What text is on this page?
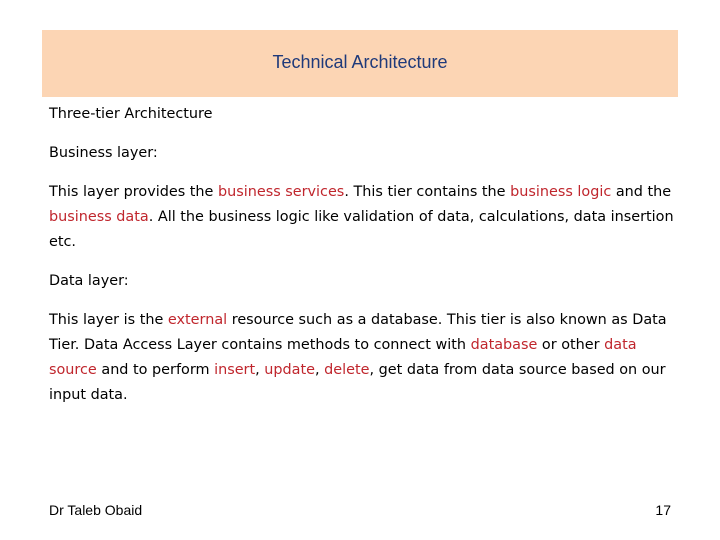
Technical Architecture

Three-tier Architecture

Business layer:

This layer provides the business services. This tier contains the business logic and the business data. All the business logic like validation of data, calculations, data insertion etc.

Data layer:

This layer is the external resource such as a database. This tier is also known as Data Tier. Data Access Layer contains methods to connect with database or other data source and to perform insert, update, delete, get data from data source based on our input data.

Dr Taleb Obaid	17
